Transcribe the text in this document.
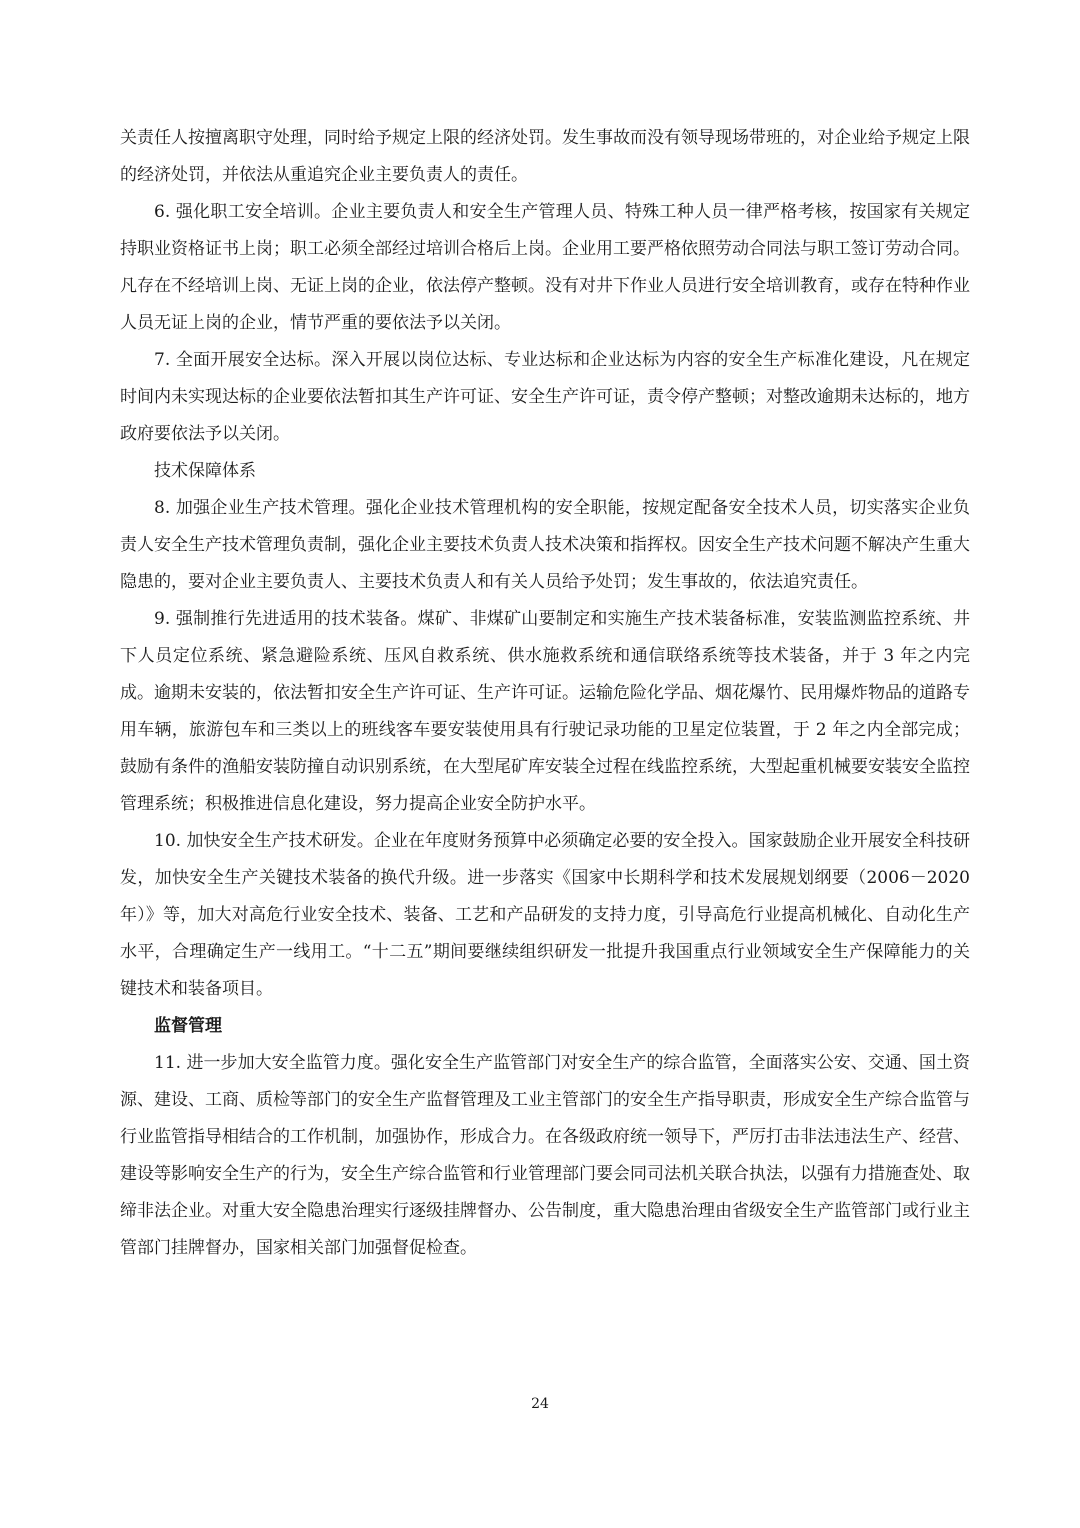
关责任人按擅离职守处理，同时给予规定上限的经济处罚。发生事故而没有领导现场带班的，对企业给予规定上限的经济处罚，并依法从重追究企业主要负责人的责任。

6. 强化职工安全培训。企业主要负责人和安全生产管理人员、特殊工种人员一律严格考核，按国家有关规定持职业资格证书上岗；职工必须全部经过培训合格后上岗。企业用工要严格依照劳动合同法与职工签订劳动合同。凡存在不经培训上岗、无证上岗的企业，依法停产整顿。没有对井下作业人员进行安全培训教育，或存在特种作业人员无证上岗的企业，情节严重的要依法予以关闭。

7. 全面开展安全达标。深入开展以岗位达标、专业达标和企业达标为内容的安全生产标准化建设，凡在规定时间内未实现达标的企业要依法暂扣其生产许可证、安全生产许可证，责令停产整顿；对整改逾期未达标的，地方政府要依法予以关闭。

技术保障体系

8. 加强企业生产技术管理。强化企业技术管理机构的安全职能，按规定配备安全技术人员，切实落实企业负责人安全生产技术管理负责制，强化企业主要技术负责人技术决策和指挥权。因安全生产技术问题不解决产生重大隐患的，要对企业主要负责人、主要技术负责人和有关人员给予处罚；发生事故的，依法追究责任。

9. 强制推行先进适用的技术装备。煤矿、非煤矿山要制定和实施生产技术装备标准，安装监测监控系统、井下人员定位系统、紧急避险系统、压风自救系统、供水施救系统和通信联络系统等技术装备，并于 3 年之内完成。逾期未安装的，依法暂扣安全生产许可证、生产许可证。运输危险化学品、烟花爆竹、民用爆炸物品的道路专用车辆，旅游包车和三类以上的班线客车要安装使用具有行驶记录功能的卫星定位装置，于 2 年之内全部完成；鼓励有条件的渔船安装防撞自动识别系统，在大型尾矿库安装全过程在线监控系统，大型起重机械要安装安全监控管理系统；积极推进信息化建设，努力提高企业安全防护水平。

10. 加快安全生产技术研发。企业在年度财务预算中必须确定必要的安全投入。国家鼓励企业开展安全科技研发，加快安全生产关键技术装备的换代升级。进一步落实《国家中长期科学和技术发展规划纲要（2006－2020 年）》等，加大对高危行业安全技术、装备、工艺和产品研发的支持力度，引导高危行业提高机械化、自动化生产水平，合理确定生产一线用工。“十二五”期间要继续组织研发一批提升我国重点行业领域安全生产保障能力的关键技术和装备项目。

监督管理

11. 进一步加大安全监管力度。强化安全生产监管部门对安全生产的综合监管，全面落实公安、交通、国土资源、建设、工商、质检等部门的安全生产监督管理及工业主管部门的安全生产指导职责，形成安全生产综合监管与行业监管指导相结合的工作机制，加强协作，形成合力。在各级政府统一领导下，严厉打击非法违法生产、经营、建设等影响安全生产的行为，安全生产综合监管和行业管理部门要会同司法机关联合执法，以强有力措施查处、取缔非法企业。对重大安全隐患治理实行逐级挂牌督办、公告制度，重大隐患治理由省级安全生产监管部门或行业主管部门挂牌督办，国家相关部门加强督促检查。

24
